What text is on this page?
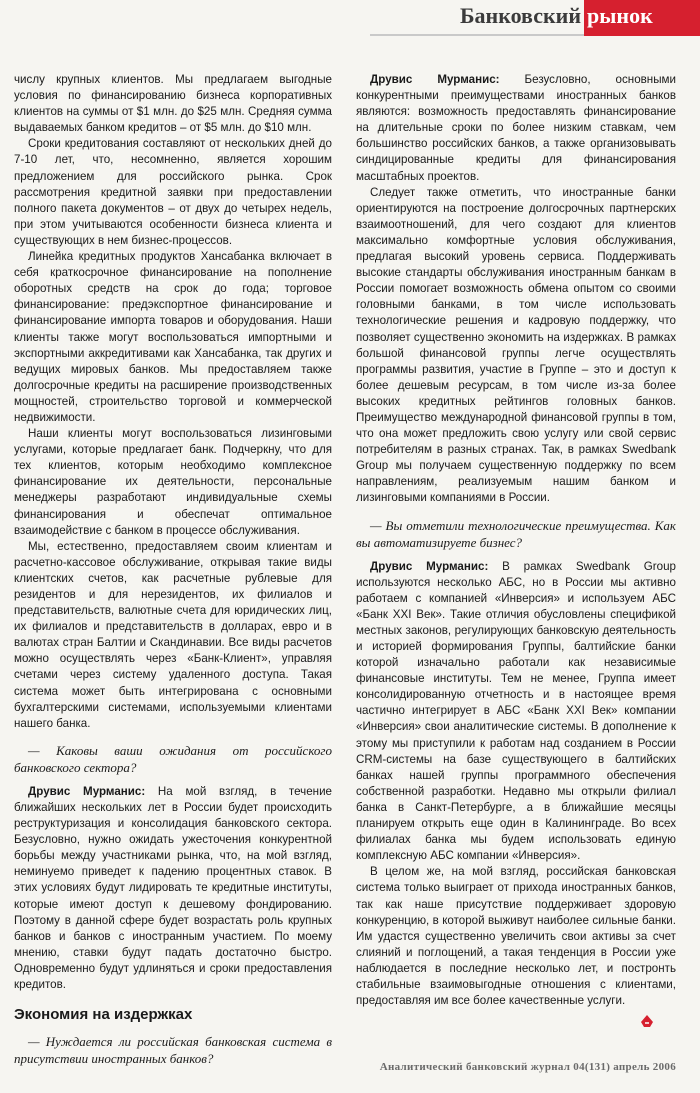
Банковский рынок

числу крупных клиентов. Мы предлагаем выгодные условия по финансированию бизнеса корпоративных клиентов на суммы от $1 млн. до $25 млн. Средняя сумма выдаваемых банком кредитов – от $5 млн. до $10 млн.

Сроки кредитования составляют от нескольких дней до 7-10 лет, что, несомненно, является хорошим предложением для российского рынка. Срок рассмотрения кредитной заявки при предоставлении полного пакета документов – от двух до четырех недель, при этом учитываются особенности бизнеса клиента и существующих в нем бизнес-процессов.

Линейка кредитных продуктов Хансабанка включает в себя краткосрочное финансирование на пополнение оборотных средств на срок до года; торговое финансирование: предэкспортное финансирование и финансирование импорта товаров и оборудования. Наши клиенты также могут воспользоваться импортными и экспортными аккредитивами как Хансабанка, так других и ведущих мировых банков. Мы предоставляем также долгосрочные кредиты на расширение производственных мощностей, строительство торговой и коммерческой недвижимости.

Наши клиенты могут воспользоваться лизинговыми услугами, которые предлагает банк. Подчеркну, что для тех клиентов, которым необходимо комплексное финансирование их деятельности, персональные менеджеры разработают индивидуальные схемы финансирования и обеспечат оптимальное взаимодействие с банком в процессе обслуживания.

Мы, естественно, предоставляем своим клиентам и расчетно-кассовое обслуживание, открывая такие виды клиентских счетов, как расчетные рублевые для резидентов и для нерезидентов, их филиалов и представительств, валютные счета для юридических лиц, их филиалов и представительств в долларах, евро и в валютах стран Балтии и Скандинавии. Все виды расчетов можно осуществлять через «Банк-Клиент», управляя счетами через систему удаленного доступа. Такая система может быть интегрирована с основными бухгалтерскими системами, используемыми клиентами нашего банка.

— Каковы ваши ожидания от российского банковского сектора?

Друвис Мурманис: На мой взгляд, в течение ближайших нескольких лет в России будет происходить реструктуризация и консолидация банковского сектора. Безусловно, нужно ожидать ужесточения конкурентной борьбы между участниками рынка, что, на мой взгляд, неминуемо приведет к падению процентных ставок. В этих условиях будут лидировать те кредитные институты, которые имеют доступ к дешевому фондированию. Поэтому в данной сфере будет возрастать роль крупных банков и банков с иностранным участием. По моему мнению, ставки будут падать достаточно быстро. Одновременно будут удлиняться и сроки предоставления кредитов.

Экономия на издержках

— Нуждается ли российская банковская система в присутствии иностранных банков?

Друвис Мурманис: Безусловно, основными конкурентными преимуществами иностранных банков являются: возможность предоставлять финансирование на длительные сроки по более низким ставкам, чем большинство российских банков, а также организовывать синдицированные кредиты для финансирования масштабных проектов.

Следует также отметить, что иностранные банки ориентируются на построение долгосрочных партнерских взаимоотношений, для чего создают для клиентов максимально комфортные условия обслуживания, предлагая высокий уровень сервиса. Поддерживать высокие стандарты обслуживания иностранным банкам в России помогает возможность обмена опытом со своими головными банками, в том числе использовать технологические решения и кадровую поддержку, что позволяет существенно экономить на издержках. В рамках большой финансовой группы легче осуществлять программы развития, участие в Группе – это и доступ к более дешевым ресурсам, в том числе из-за более высоких кредитных рейтингов головных банков. Преимущество международной финансовой группы в том, что она может предложить свою услугу или свой сервис потребителям в разных странах. Так, в рамках Swedbank Group мы получаем существенную поддержку по всем направлениям, реализуемым нашим банком и лизинговыми компаниями в России.

— Вы отметили технологические преимущества. Как вы автоматизируете бизнес?

Друвис Мурманис: В рамках Swedbank Group используются несколько АБС, но в России мы активно работаем с компанией «Инверсия» и используем АБС «Банк XXI Век». Такие отличия обусловлены спецификой местных законов, регулирующих банковскую деятельность и историей формирования Группы, балтийские банки которой изначально работали как независимые финансовые институты. Тем не менее, Группа имеет консолидированную отчетность и в настоящее время частично интегрирует в АБС «Банк XXI Век» компании «Инверсия» свои аналитические системы. В дополнение к этому мы приступили к работам над созданием в России CRM-системы на базе существующего в балтийских банках нашей группы программного обеспечения собственной разработки. Недавно мы открыли филиал банка в Санкт-Петербурге, а в ближайшие месяцы планируем открыть еще один в Калининграде. Во всех филиалах банка мы будем использовать единую комплексную АБС компании «Инверсия».

В целом же, на мой взгляд, российская банковская система только выиграет от прихода иностранных банков, так как наше присутствие поддерживает здоровую конкуренцию, в которой выживут наиболее сильные банки. Им удастся существенно увеличить свои активы за счет слияний и поглощений, а такая тенденция в России уже наблюдается в последние несколько лет, и постронть стабильные взаимовыгодные отношения с клиентами, предоставляя им все более качественные услуги.

Аналитический банковский журнал 04(131) апрель 2006
